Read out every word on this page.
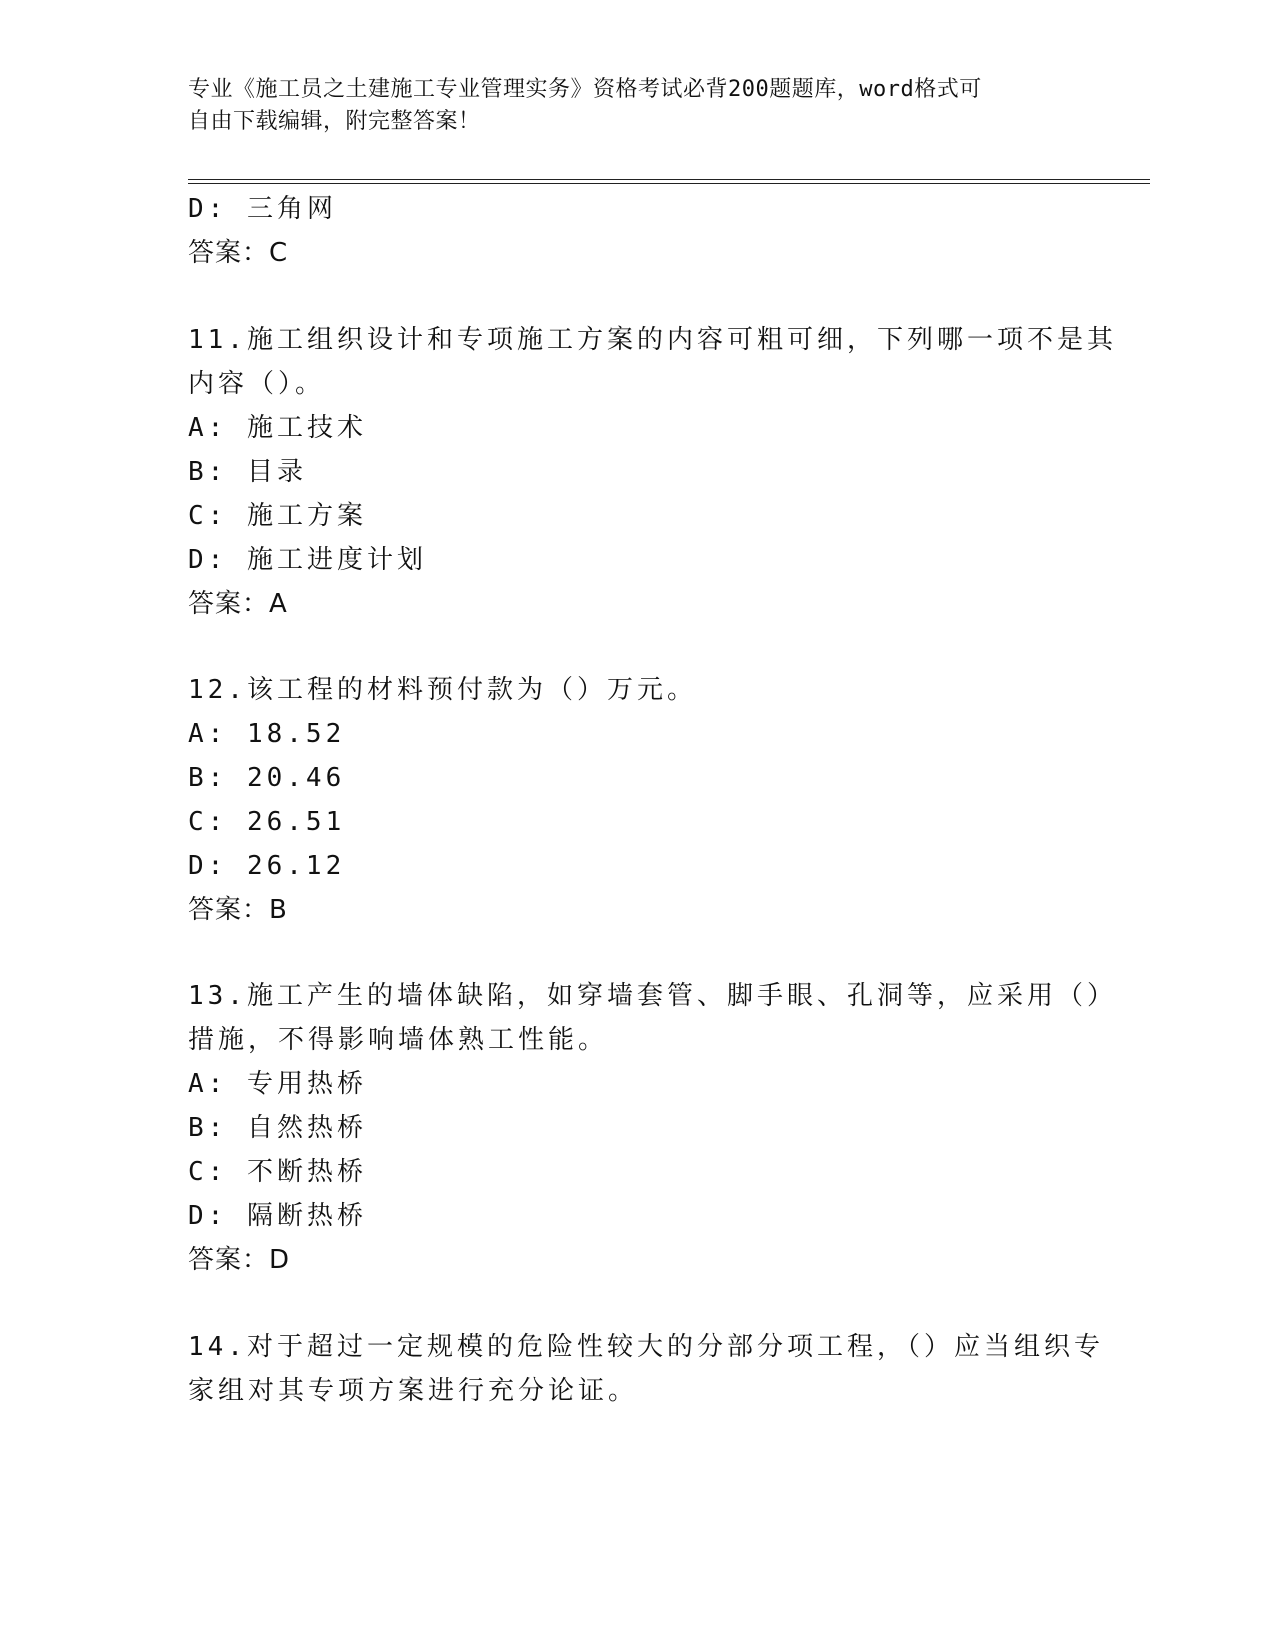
专业《施工员之土建施工专业管理实务》资格考试必背200题题库，word格式可
自由下载编辑，附完整答案！
D: 三角网
答案：C
11.施工组织设计和专项施工方案的内容可粗可细，下列哪一项不是其
内容（）。
A: 施工技术
B: 目录
C: 施工方案
D: 施工进度计划
答案：A
12.该工程的材料预付款为（）万元。
A: 18.52
B: 20.46
C: 26.51
D: 26.12
答案：B
13.施工产生的墙体缺陷，如穿墙套管、脚手眼、孔洞等，应采用（）
措施，不得影响墙体熟工性能。
A: 专用热桥
B: 自然热桥
C: 不断热桥
D: 隔断热桥
答案：D
14.对于超过一定规模的危险性较大的分部分项工程，（）应当组织专
家组对其专项方案进行充分论证。
